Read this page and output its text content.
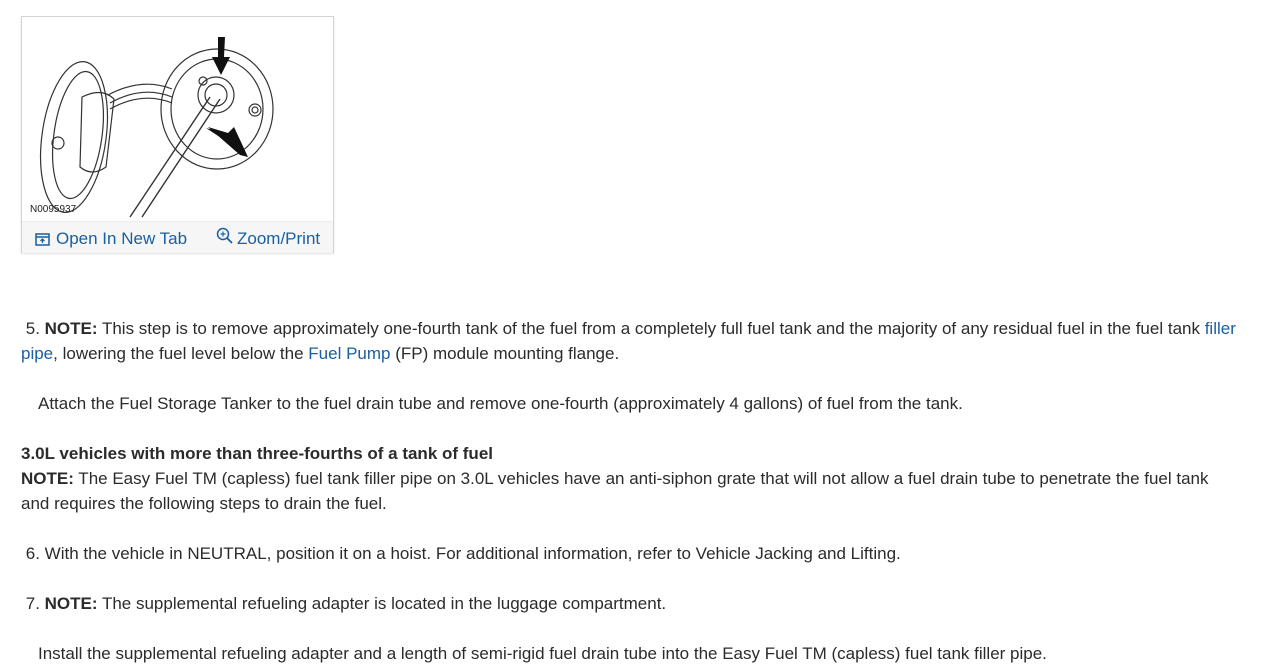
N0095937
Open In New Tab	Zoom/Print

5. NOTE: This step is to remove approximately one-fourth tank of the fuel from a completely full fuel tank and the majority of any residual fuel in the fuel tank filler pipe, lowering the fuel level below the Fuel Pump (FP) module mounting flange.

Attach the Fuel Storage Tanker to the fuel drain tube and remove one-fourth (approximately 4 gallons) of fuel from the tank.

3.0L vehicles with more than three-fourths of a tank of fuel

NOTE: The Easy Fuel TM (capless) fuel tank filler pipe on 3.0L vehicles have an anti-siphon grate that will not allow a fuel drain tube to penetrate the fuel tank and requires the following steps to drain the fuel.

6. With the vehicle in NEUTRAL, position it on a hoist. For additional information, refer to Vehicle Jacking and Lifting.

7. NOTE: The supplemental refueling adapter is located in the luggage compartment.

Install the supplemental refueling adapter and a length of semi-rigid fuel drain tube into the Easy Fuel TM (capless) fuel tank filler pipe.
